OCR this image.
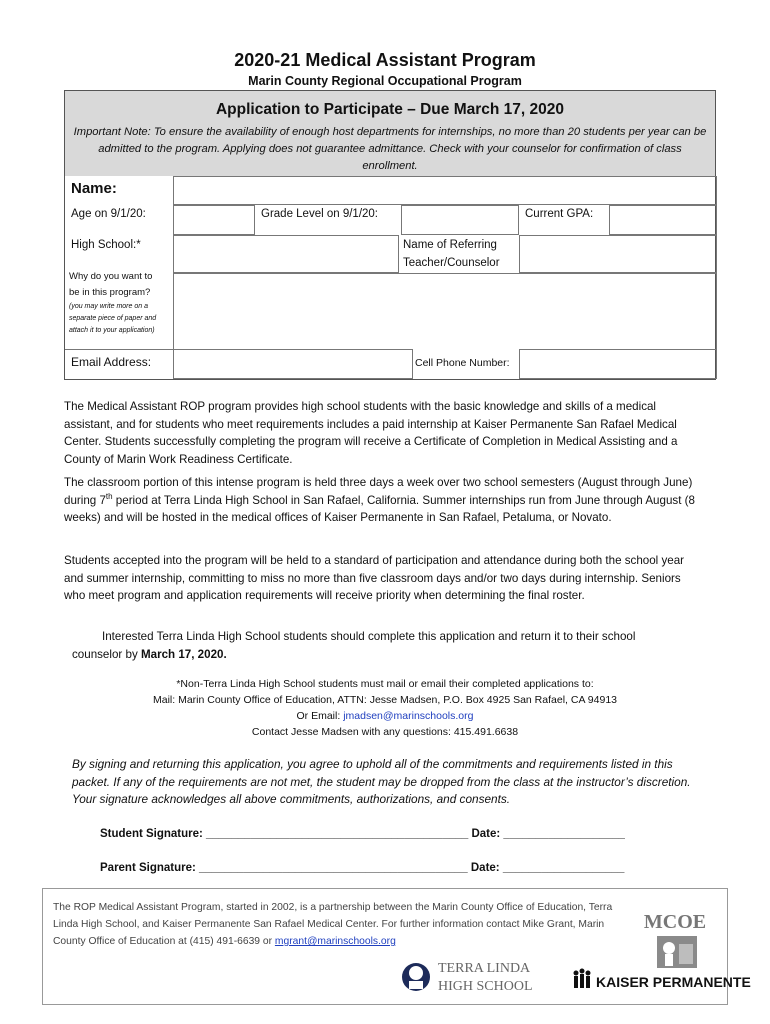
2020-21 Medical Assistant Program
Marin County Regional Occupational Program
Application to Participate – Due March 17, 2020
Important Note: To ensure the availability of enough host departments for internships, no more than 20 students per year can be admitted to the program. Applying does not guarantee admittance. Check with your counselor for confirmation of class enrollment.
Name:
Age on 9/1/20:	Grade Level on 9/1/20:	Current GPA:
High School:*	Name of Referring
Teacher/Counselor
Why do you want to
be in this program?
(you may write more on a
separate piece of paper and
attach it to your application)
Email Address:	Cell Phone Number:
The Medical Assistant ROP program provides high school students with the basic knowledge and skills of a medical assistant, and for students who meet requirements includes a paid internship at Kaiser Permanente San Rafael Medical Center. Students successfully completing the program will receive a Certificate of Completion in Medical Assisting and a County of Marin Work Readiness Certificate.
The classroom portion of this intense program is held three days a week over two school semesters (August through June) during 7th period at Terra Linda High School in San Rafael, California. Summer internships run from June through August (8 weeks) and will be hosted in the medical offices of Kaiser Permanente in San Rafael, Petaluma, or Novato.
Students accepted into the program will be held to a standard of participation and attendance during both the school year and summer internship, committing to miss no more than five classroom days and/or two days during internship. Seniors who meet program and application requirements will receive priority when determining the final roster.
Interested Terra Linda High School students should complete this application and return it to their school counselor by March 17, 2020.
*Non-Terra Linda High School students must mail or email their completed applications to:
Mail: Marin County Office of Education, ATTN: Jesse Madsen, P.O. Box 4925 San Rafael, CA 94913
Or Email: jmadsen@marinschools.org
Contact Jesse Madsen with any questions: 415.491.6638
By signing and returning this application, you agree to uphold all of the commitments and requirements listed in this packet. If any of the requirements are not met, the student may be dropped from the class at the instructor’s discretion. Your signature acknowledges all above commitments, authorizations, and consents.
Student Signature: _________________________________________ Date: ___________________
Parent Signature: __________________________________________ Date: ___________________
The ROP Medical Assistant Program, started in 2002, is a partnership between the Marin County Office of Education, Terra Linda High School, and Kaiser Permanente San Rafael Medical Center. For further information contact Mike Grant, Marin County Office of Education at (415) 491-6639 or mgrant@marinschools.org
MCOE
TERRA LINDA
HIGH SCHOOL	KAISER PERMANENTE
